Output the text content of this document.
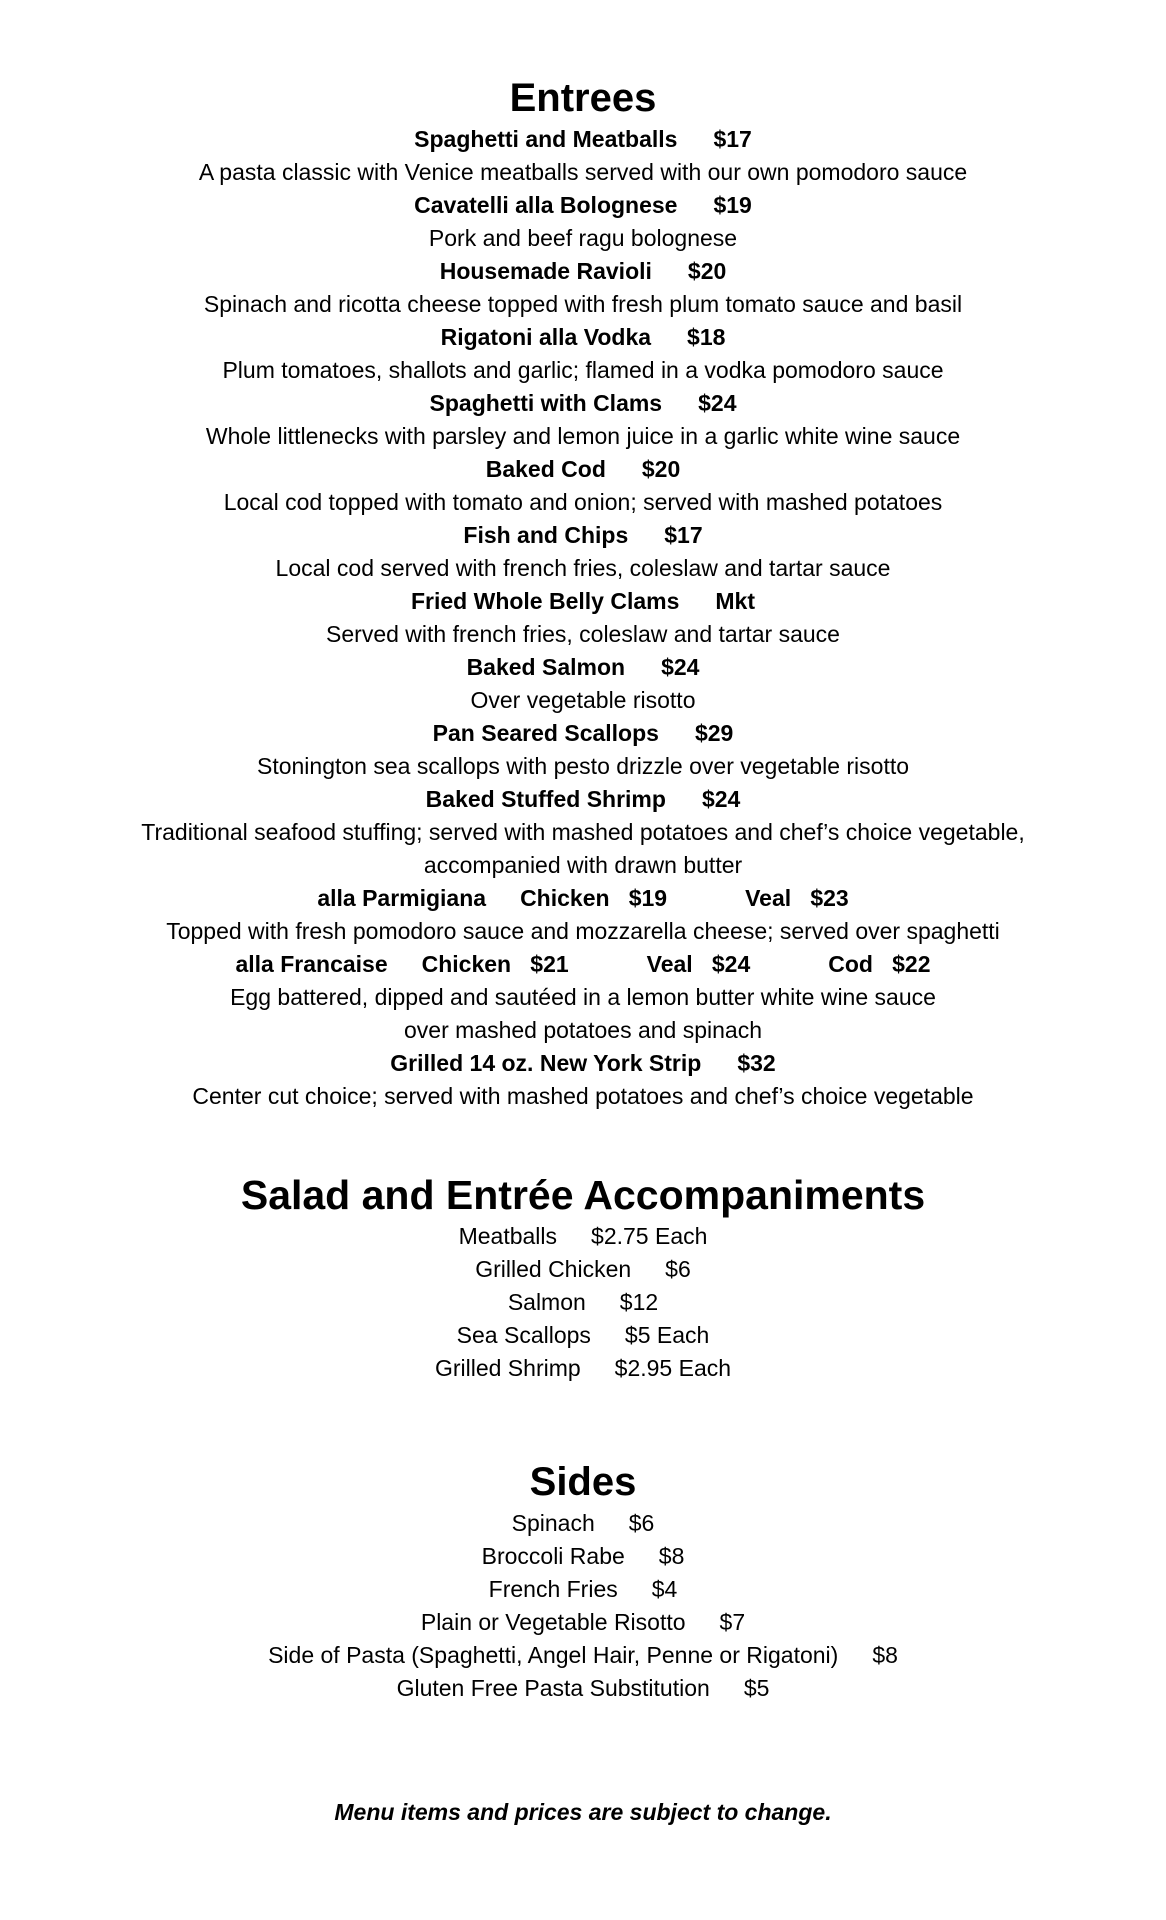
Entrees
Spaghetti and Meatballs $17
A pasta classic with Venice meatballs served with our own pomodoro sauce
Cavatelli alla Bolognese $19
Pork and beef ragu bolognese
Housemade Ravioli $20
Spinach and ricotta cheese topped with fresh plum tomato sauce and basil
Rigatoni alla Vodka $18
Plum tomatoes, shallots and garlic; flamed in a vodka pomodoro sauce
Spaghetti with Clams $24
Whole littlenecks with parsley and lemon juice in a garlic white wine sauce
Baked Cod $20
Local cod topped with tomato and onion; served with mashed potatoes
Fish and Chips $17
Local cod served with french fries, coleslaw and tartar sauce
Fried Whole Belly Clams Mkt
Served with french fries, coleslaw and tartar sauce
Baked Salmon $24
Over vegetable risotto
Pan Seared Scallops $29
Stonington sea scallops with pesto drizzle over vegetable risotto
Baked Stuffed Shrimp $24
Traditional seafood stuffing; served with mashed potatoes and chef’s choice vegetable,
accompanied with drawn butter
alla Parmigiana Chicken $19	Veal $23
Topped with fresh pomodoro sauce and mozzarella cheese; served over spaghetti
alla Francaise Chicken $21	Veal $24	Cod $22
Egg battered, dipped and sautéed in a lemon butter white wine sauce
over mashed potatoes and spinach
Grilled 14 oz. New York Strip $32
Center cut choice; served with mashed potatoes and chef’s choice vegetable
Salad and Entrée Accompaniments
Meatballs $2.75 Each
Grilled Chicken $6
Salmon $12
Sea Scallops $5 Each
Grilled Shrimp $2.95 Each
Sides
Spinach $6
Broccoli Rabe $8
French Fries $4
Plain or Vegetable Risotto $7
Side of Pasta (Spaghetti, Angel Hair, Penne or Rigatoni) $8
Gluten Free Pasta Substitution $5
Menu items and prices are subject to change.
